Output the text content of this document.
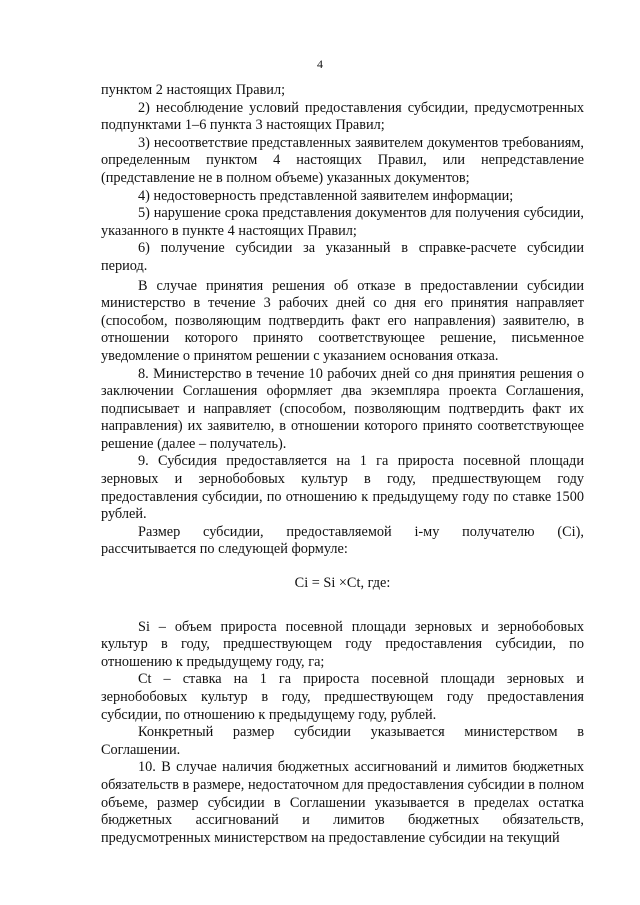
4

пунктом 2 настоящих Правил;

2) несоблюдение условий предоставления субсидии, предусмотренных подпунктами 1–6 пункта 3 настоящих Правил;

3) несоответствие представленных заявителем документов требованиям, определенным пунктом 4 настоящих Правил, или непредставление (представление не в полном объеме) указанных документов;

4) недостоверность представленной заявителем информации;

5) нарушение срока представления документов для получения субсидии, указанного в пункте 4 настоящих Правил;

6) получение субсидии за указанный в справке-расчете субсидии период.

В случае принятия решения об отказе в предоставлении субсидии министерство в течение 3 рабочих дней со дня его принятия направляет (способом, позволяющим подтвердить факт его направления) заявителю, в отношении которого принято соответствующее решение, письменное уведомление о принятом решении с указанием основания отказа.

8. Министерство в течение 10 рабочих дней со дня принятия решения о заключении Соглашения оформляет два экземпляра проекта Соглашения, подписывает и направляет (способом, позволяющим подтвердить факт их направления) их заявителю, в отношении которого принято соответствующее решение (далее – получатель).

9. Субсидия предоставляется на 1 га прироста посевной площади зерновых и зернобобовых культур в году, предшествующем году предоставления субсидии, по отношению к предыдущему году по ставке 1500 рублей.

Размер субсидии, предоставляемой i-му получателю (Ci), рассчитывается по следующей формуле:

Ci = Si ×Ct, где:

Si – объем прироста посевной площади зерновых и зернобобовых культур в году, предшествующем году предоставления субсидии, по отношению к предыдущему году, га;

Ct – ставка на 1 га прироста посевной площади зерновых и зернобобовых культур в году, предшествующем году предоставления субсидии, по отношению к предыдущему году, рублей.

Конкретный размер субсидии указывается министерством в Соглашении.

10. В случае наличия бюджетных ассигнований и лимитов бюджетных обязательств в размере, недостаточном для предоставления субсидии в полном объеме, размер субсидии в Соглашении указывается в пределах остатка бюджетных ассигнований и лимитов бюджетных обязательств, предусмотренных министерством на предоставление субсидии на текущий
